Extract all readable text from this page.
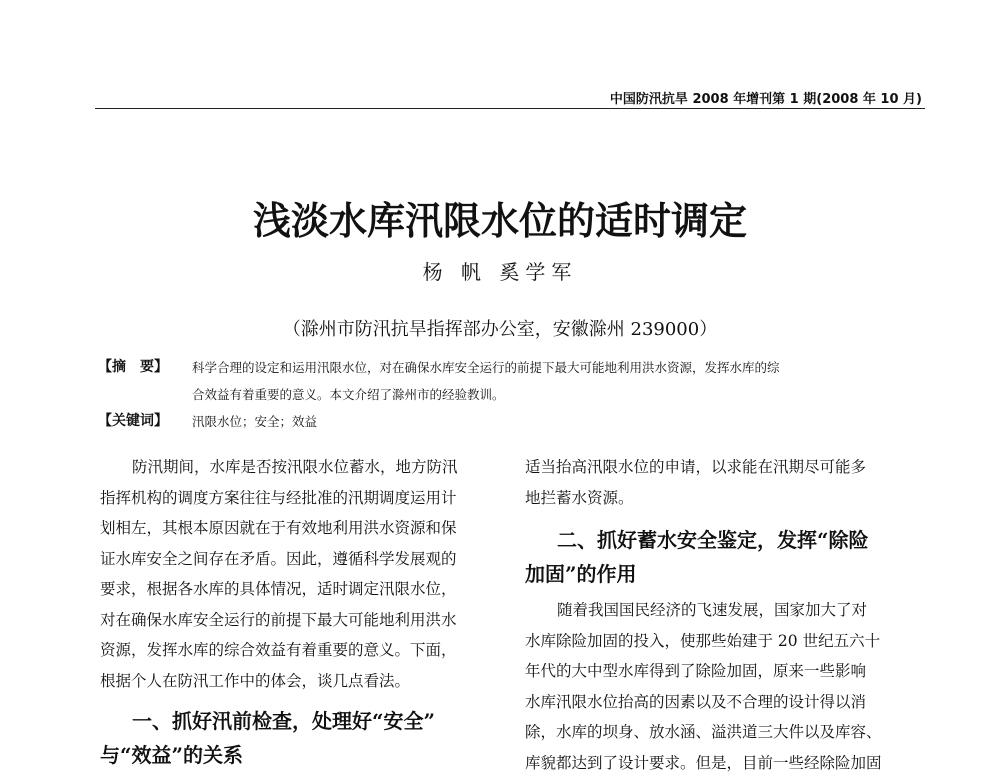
中国防汛抗旱 2008 年增刊第 1 期(2008 年 10 月)
浅淡水库汛限水位的适时调定
杨 帆 奚学军
（滁州市防汛抗旱指挥部办公室，安徽滁州 239000）
【摘　要】 科学合理的设定和运用汛限水位，对在确保水库安全运行的前提下最大可能地利用洪水资源，发挥水库的综
合效益有着重要的意义。本文介绍了滁州市的经验教训。
【关键词】 汛限水位；安全；效益
防汛期间，水库是否按汛限水位蓄水，地方防汛
指挥机构的调度方案往往与经批准的汛期调度运用计
划相左，其根本原因就在于有效地利用洪水资源和保
证水库安全之间存在矛盾。因此，遵循科学发展观的
要求，根据各水库的具体情况，适时调定汛限水位，
对在确保水库安全运行的前提下最大可能地利用洪水
资源，发挥水库的综合效益有着重要的意义。下面，
根据个人在防汛工作中的体会，谈几点看法。
一、抓好汛前检查，处理好“安全”
与“效益”的关系
适当抬高汛限水位的申请，以求能在汛期尽可能多
地拦蓄水资源。
二、抓好蓄水安全鉴定，发挥“除险
加固”的作用
随着我国国民经济的飞速发展，国家加大了对
水库除险加固的投入，使那些始建于 20 世纪五六十
年代的大中型水库得到了除险加固，原来一些影响
水库汛限水位抬高的因素以及不合理的设计得以消
除，水库的坝身、放水涵、溢洪道三大件以及库容、
库貌都达到了设计要求。但是，目前一些经除险加固
